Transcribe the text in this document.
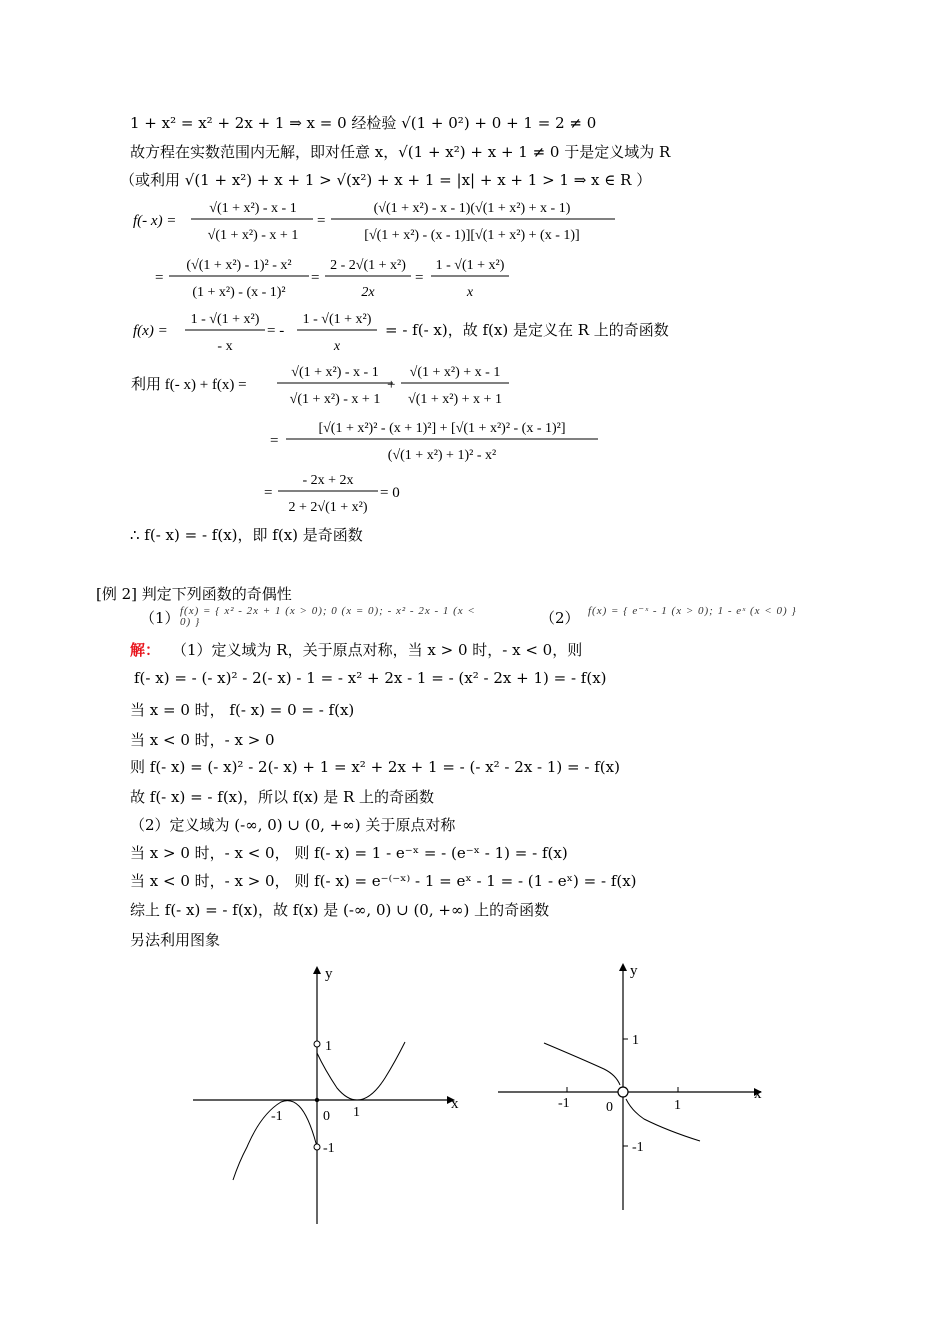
1 + x² = x² + 2x + 1 ⇒ x = 0 经检验 √(1 + 0²) + 0 + 1 = 2 ≠ 0
故方程在实数范围内无解，即对任意 x，√(1 + x²) + x + 1 ≠ 0 于是定义域为 R
（或利用 √(1 + x²) + x + 1 > √(x²) + x + 1 = |x| + x + 1 > 1 ⇒ x ∈ R ）
f(- x) =
√(1 + x²) - x - 1
√(1 + x²) - x + 1
=
(√(1 + x²) - x - 1)(√(1 + x²) + x - 1)
[√(1 + x²) - (x - 1)][√(1 + x²) + (x - 1)]
=
(√(1 + x²) - 1)² - x²
(1 + x²) - (x - 1)²
=
2 - 2√(1 + x²)
2x
=
1 - √(1 + x²)
x
f(x) =
1 - √(1 + x²)
- x
= -
1 - √(1 + x²)
x
= - f(- x)，故 f(x) 是定义在 R 上的奇函数
利用 f(- x) + f(x) =
√(1 + x²) - x - 1
√(1 + x²) - x + 1
+
√(1 + x²) + x - 1
√(1 + x²) + x + 1
=
[√(1 + x²)² - (x + 1)²] + [√(1 + x²)² - (x - 1)²]
(√(1 + x²) + 1)² - x²
=
- 2x + 2x
2 + 2√(1 + x²)
= 0
∴ f(- x) = - f(x)，即 f(x) 是奇函数
[例 2] 判定下列函数的奇偶性
（1） f(x) = { x² - 2x + 1 (x > 0); 0 (x = 0); - x² - 2x - 1 (x < 0) }	（2） f(x) = { e⁻ˣ - 1 (x > 0); 1 - eˣ (x < 0) }
解： （1）定义域为 R，关于原点对称，当 x > 0 时，- x < 0，则
f(- x) = - (- x)² - 2(- x) - 1 = - x² + 2x - 1 = - (x² - 2x + 1) = - f(x)
当 x = 0 时， f(- x) = 0 = - f(x)
当 x < 0 时，- x > 0
则 f(- x) = (- x)² - 2(- x) + 1 = x² + 2x + 1 = - (- x² - 2x - 1) = - f(x)
故 f(- x) = - f(x)，所以 f(x) 是 R 上的奇函数
（2）定义域为 (-∞, 0) ∪ (0, +∞) 关于原点对称
当 x > 0 时，- x < 0， 则 f(- x) = 1 - e⁻ˣ = - (e⁻ˣ - 1) = - f(x)
当 x < 0 时，- x > 0， 则 f(- x) = e⁻⁽⁻ˣ⁾ - 1 = eˣ - 1 = - (1 - eˣ) = - f(x)
综上 f(- x) = - f(x)，故 f(x) 是 (-∞, 0) ∪ (0, +∞) 上的奇函数
另法利用图象
x
y
-1	0 1
1
-1
x
y
-1	0	1
1
-1
